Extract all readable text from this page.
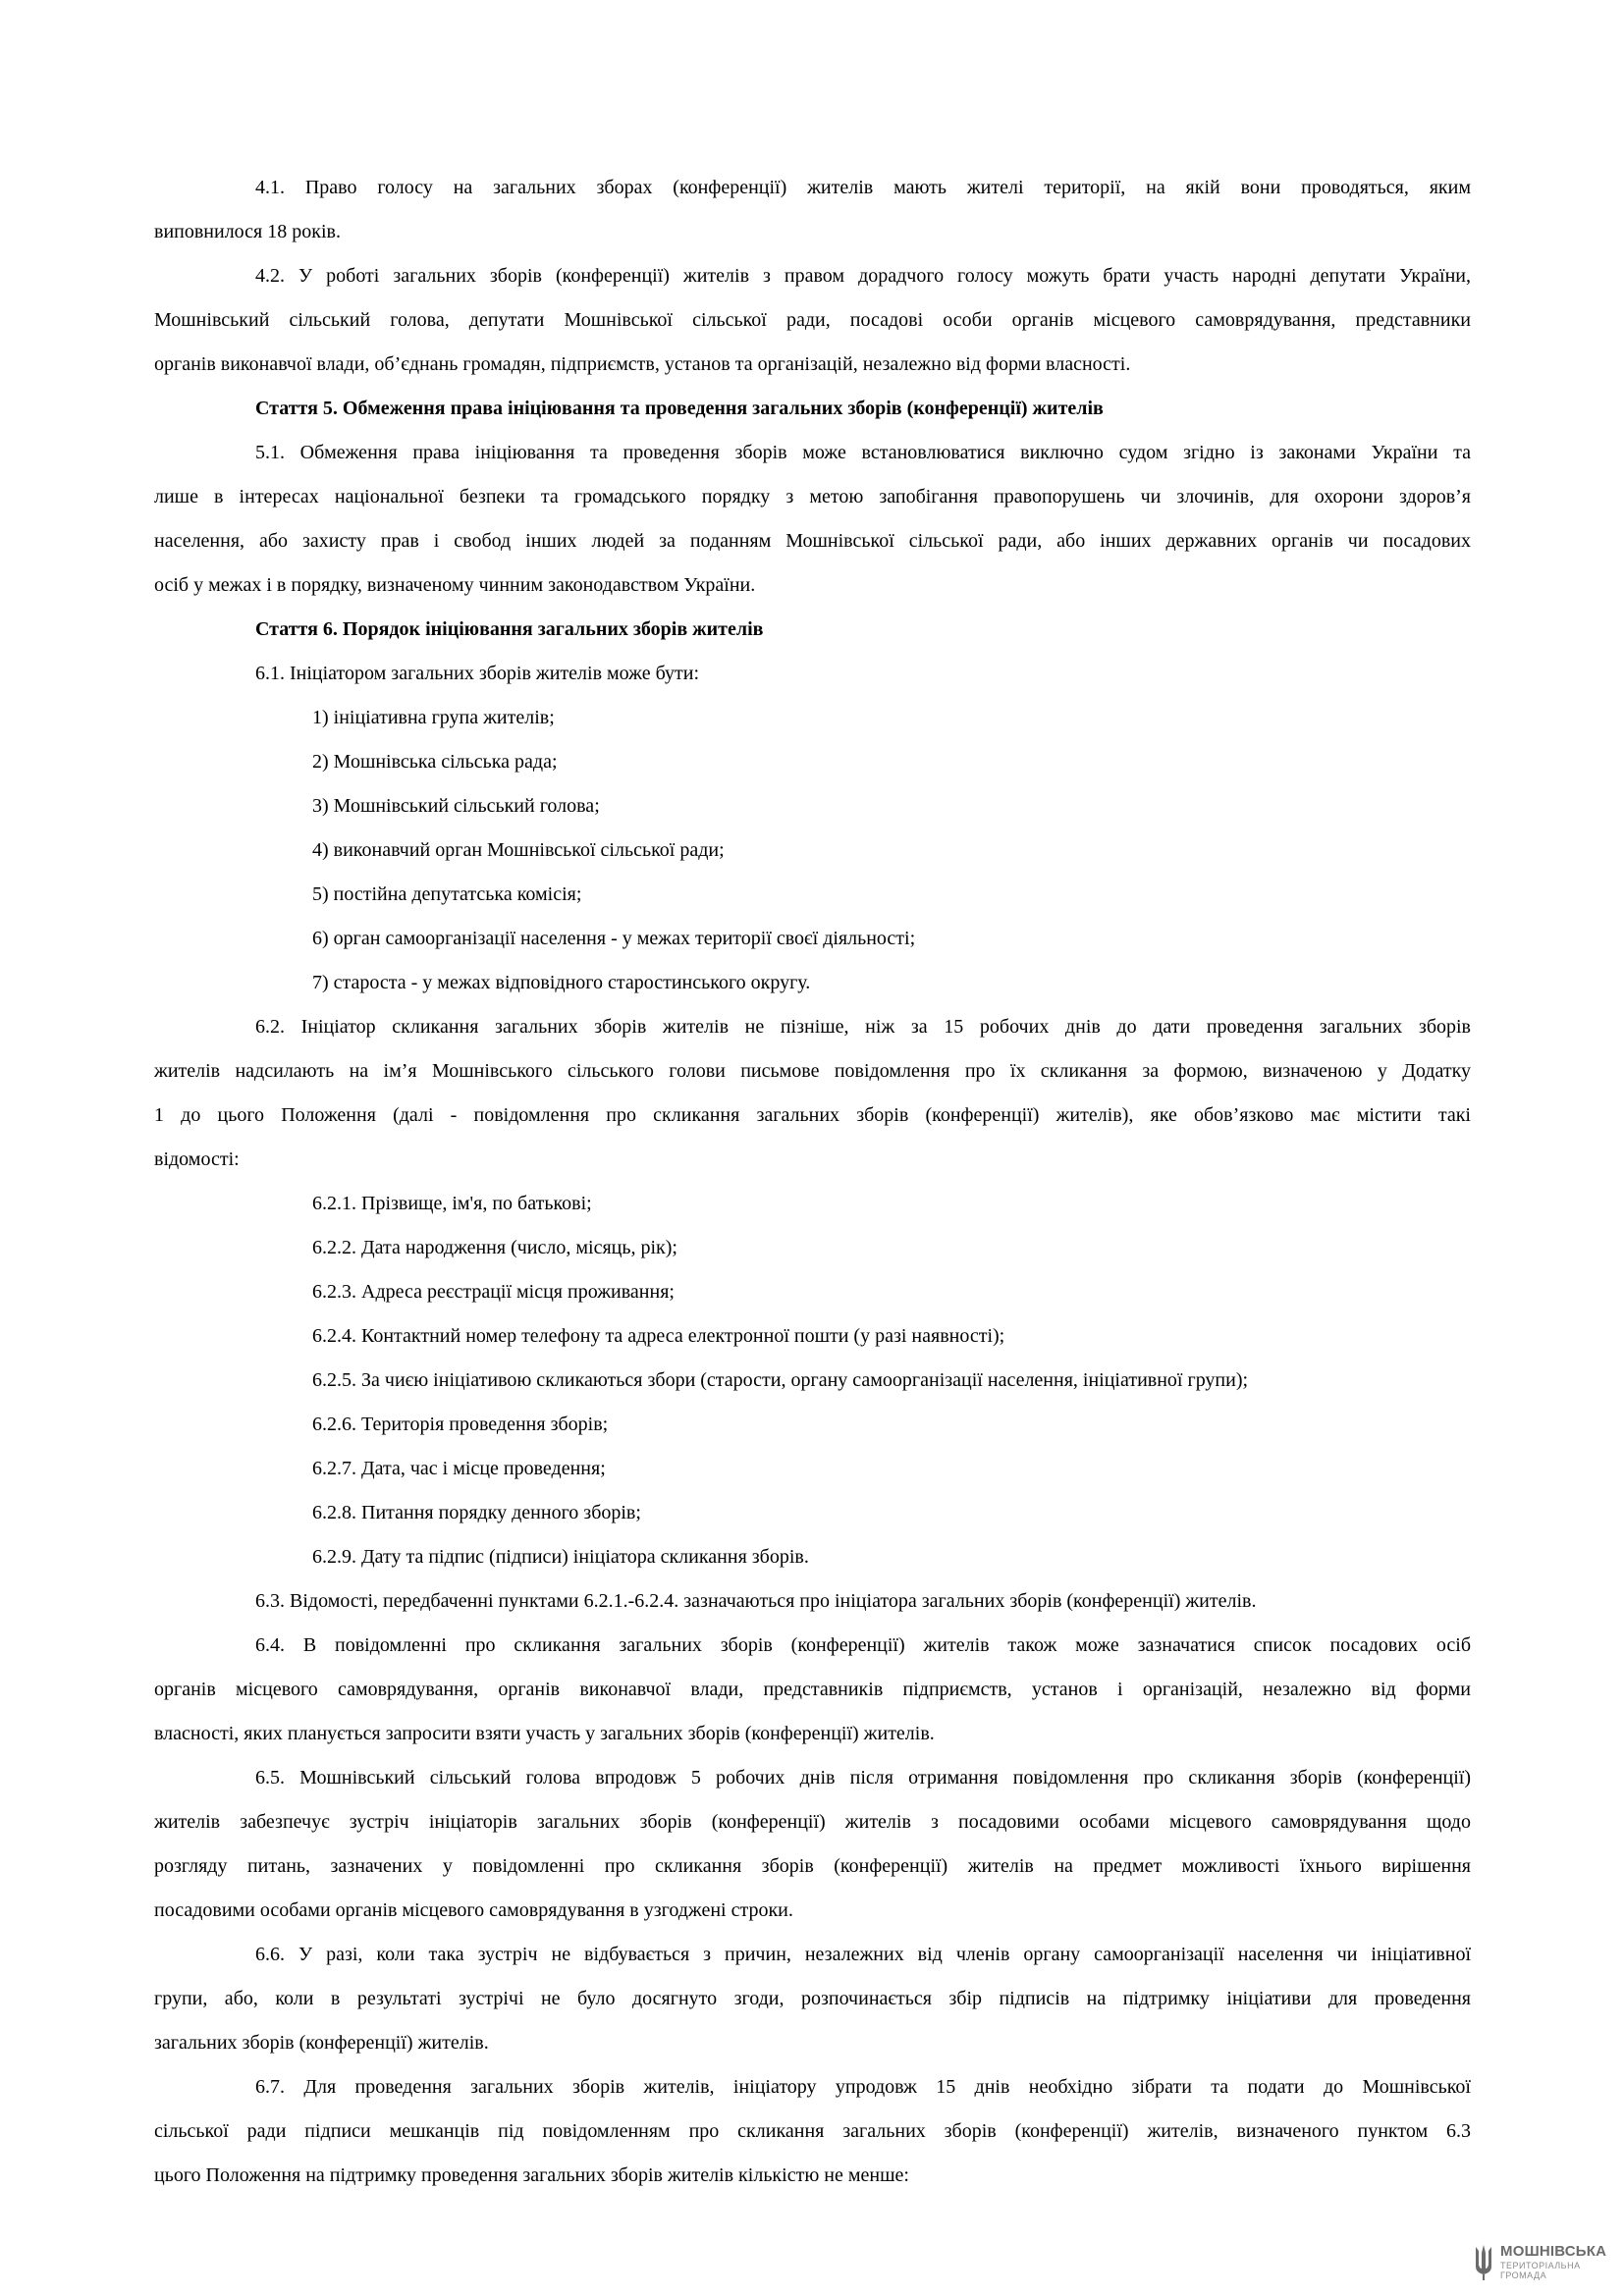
4.1. Право голосу на загальних зборах (конференції) жителів мають жителі території, на якій вони проводяться, яким

виповнилося 18 років.

4.2. У роботі загальних зборів (конференції) жителів з правом дорадчого голосу можуть брати участь народні депутати України,

Мошнівський сільський голова, депутати Мошнівської сільської ради, посадові особи органів місцевого самоврядування, представники

органів виконавчої влади, об’єднань громадян, підприємств, установ та організацій, незалежно від форми власності.

Стаття 5. Обмеження права ініціювання та проведення загальних зборів (конференції) жителів

5.1. Обмеження права ініціювання та проведення зборів може встановлюватися виключно судом згідно із законами України та

лише в інтересах національної безпеки та громадського порядку з метою запобігання правопорушень чи злочинів, для охорони здоров’я

населення, або захисту прав і свобод інших людей за поданням Мошнівської сільської ради, або інших державних органів чи посадових

осіб у межах і в порядку, визначеному чинним законодавством України.

Стаття 6. Порядок ініціювання загальних зборів жителів

6.1. Ініціатором загальних зборів жителів може бути:

1) ініціативна група жителів;

2) Мошнівська сільська рада;

3) Мошнівський сільський голова;

4) виконавчий орган Мошнівської сільської ради;

5) постійна депутатська комісія;

6) орган самоорганізації населення - у межах території своєї діяльності;

7) староста - у межах відповідного старостинського округу.

6.2. Ініціатор скликання загальних зборів жителів не пізніше, ніж за 15 робочих днів до дати проведення загальних зборів

жителів надсилають на ім’я Мошнівського сільського голови письмове повідомлення про їх скликання за формою, визначеною у Додатку

1 до цього Положення (далі - повідомлення про скликання загальних зборів (конференції) жителів), яке обов’язково має містити такі

відомості:

6.2.1. Прізвище, ім'я, по батькові;

6.2.2. Дата народження (число, місяць, рік);

6.2.3. Адреса реєстрації місця проживання;

6.2.4. Контактний номер телефону та адреса електронної пошти (у разі наявності);

6.2.5. За чиєю ініціативою скликаються збори (старости, органу самоорганізації населення, ініціативної групи);

6.2.6. Територія проведення зборів;

6.2.7. Дата, час і місце проведення;

6.2.8. Питання порядку денного зборів;

6.2.9. Дату та підпис (підписи) ініціатора скликання зборів.

6.3. Відомості, передбаченні пунктами 6.2.1.-6.2.4. зазначаються про ініціатора загальних зборів (конференції) жителів.

6.4. В повідомленні про скликання загальних зборів (конференції) жителів також може зазначатися список посадових осіб

органів місцевого самоврядування, органів виконавчої влади, представників підприємств, установ і організацій, незалежно від форми

власності, яких планується запросити взяти участь у загальних зборів (конференції) жителів.

6.5. Мошнівський сільський голова впродовж 5 робочих днів після отримання повідомлення про скликання зборів (конференції)

жителів забезпечує зустріч ініціаторів загальних зборів (конференції) жителів з посадовими особами місцевого самоврядування щодо

розгляду питань, зазначених у повідомленні про скликання зборів (конференції) жителів на предмет можливості їхнього вирішення

посадовими особами органів місцевого самоврядування в узгоджені строки.

6.6. У разі, коли така зустріч не відбувається з причин, незалежних від членів органу самоорганізації населення чи ініціативної

групи, або, коли в результаті зустрічі не було досягнуто згоди, розпочинається збір підписів на підтримку ініціативи для проведення

загальних зборів (конференції) жителів.

6.7. Для проведення загальних зборів жителів, ініціатору упродовж 15 днів необхідно зібрати та подати до Мошнівської

сільської ради підписи мешканців під повідомленням про скликання загальних зборів (конференції) жителів, визначеного пунктом 6.3

цього Положення на підтримку проведення загальних зборів жителів кількістю не менше:

МОШНІВСЬКА
ТЕРИТОРІАЛЬНА
ГРОМАДА
